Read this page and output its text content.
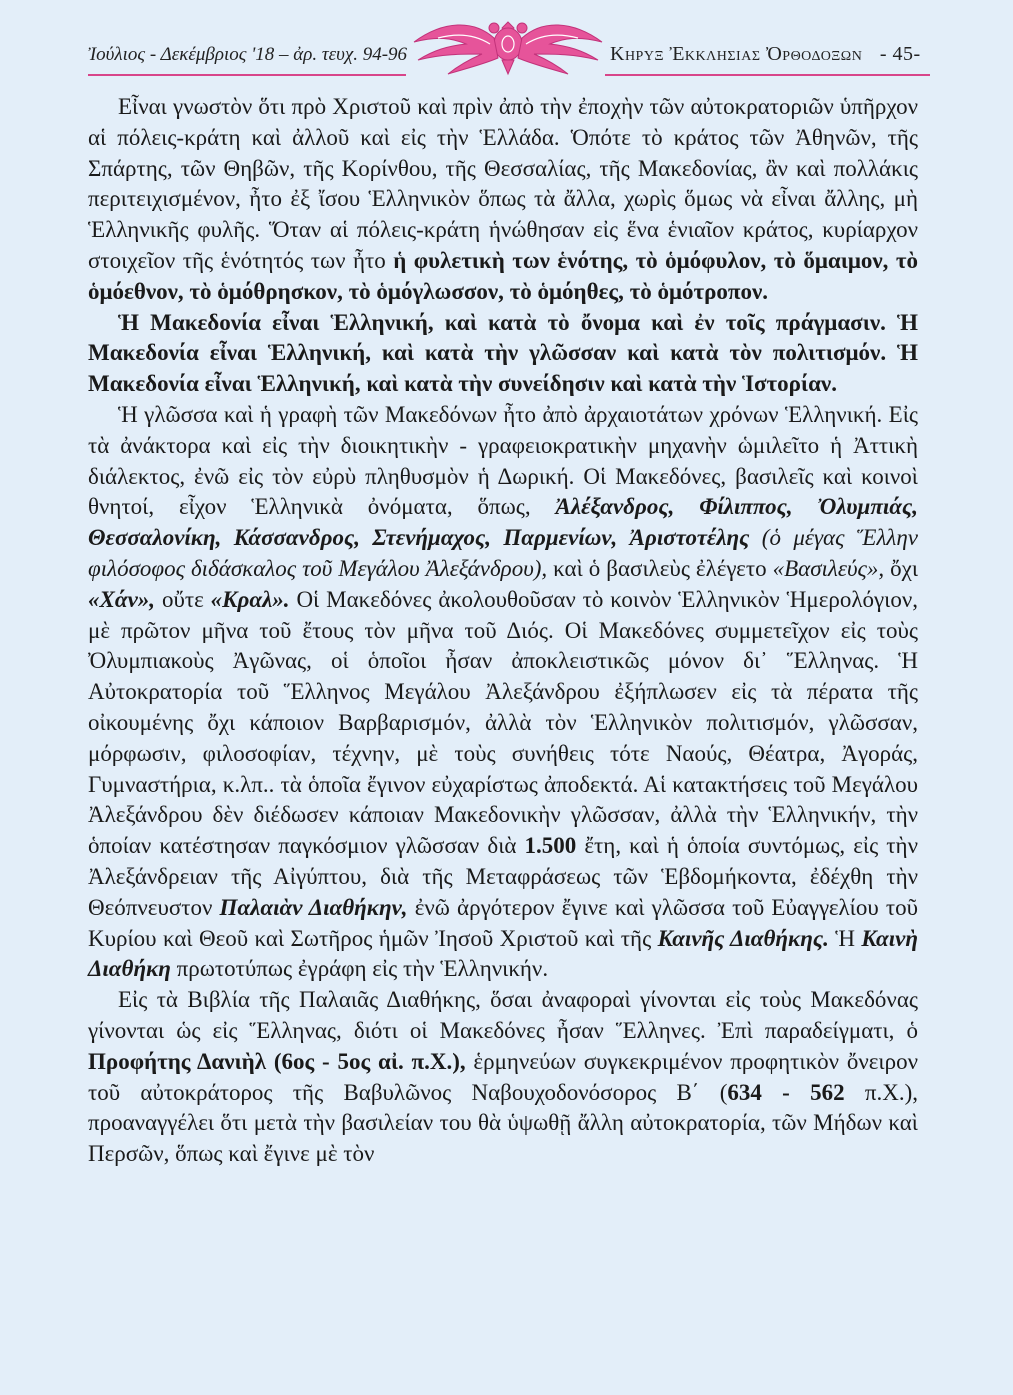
Ἰούλιος - Δεκέμβριος '18 – ἀρ. τευχ. 94-96	Κηρυξ Ἐκκλησιας Ὀρθοδοξων - 45-

Εἶναι γνωστὸν ὅτι πρὸ Χριστοῦ καὶ πρὶν ἀπὸ τὴν ἐποχὴν τῶν αὐτοκρατοριῶν ὑπῆρχον αἱ πόλεις-κράτη καὶ ἀλλοῦ καὶ εἰς τὴν Ἑλλάδα. Ὁπότε τὸ κράτος τῶν Ἀθηνῶν, τῆς Σπάρτης, τῶν Θηβῶν, τῆς Κορίνθου, τῆς Θεσσαλίας, τῆς Μακεδονίας, ἂν καὶ πολλάκις περιτειχισμένον, ἦτο ἐξ ἴσου Ἑλληνικὸν ὅπως τὰ ἄλλα, χωρὶς ὅμως νὰ εἶναι ἄλλης, μὴ Ἑλληνικῆς φυλῆς. Ὅταν αἱ πόλεις-κράτη ἡνώθησαν εἰς ἕνα ἑνιαῖον κράτος, κυρίαρχον στοιχεῖον τῆς ἑνότητός των ἦτο ἡ φυλετικὴ των ἑνότης, τὸ ὁμόφυλον, τὸ ὅμαιμον, τὸ ὁμόεθνον, τὸ ὁμόθρησκον, τὸ ὁμόγλωσσον, τὸ ὁμόηθες, τὸ ὁμότροπον.

Ἡ Μακεδονία εἶναι Ἑλληνική, καὶ κατὰ τὸ ὄνομα καὶ ἐν τοῖς πράγμασιν. Ἡ Μακεδονία εἶναι Ἑλληνική, καὶ κατὰ τὴν γλῶσσαν καὶ κατὰ τὸν πολιτισμόν. Ἡ Μακεδονία εἶναι Ἑλληνική, καὶ κατὰ τὴν συνείδησιν καὶ κατὰ τὴν Ἱστορίαν.

Ἡ γλῶσσα καὶ ἡ γραφὴ τῶν Μακεδόνων ἦτο ἀπὸ ἀρχαιοτάτων χρόνων Ἑλληνική. Εἰς τὰ ἀνάκτορα καὶ εἰς τὴν διοικητικὴν - γραφειοκρατικὴν μηχανὴν ὡμιλεῖτο ἡ Ἀττικὴ διάλεκτος, ἐνῶ εἰς τὸν εὐρὺ πληθυσμὸν ἡ Δωρική. Οἱ Μακεδόνες, βασιλεῖς καὶ κοινοὶ θνητοί, εἶχον Ἑλληνικὰ ὀνόματα, ὅπως, Ἀλέξανδρος, Φίλιππος, Ὀλυμπιάς, Θεσσαλονίκη, Κάσσανδρος, Στενήμαχος, Παρμενίων, Ἀριστοτέλης (ὁ μέγας Ἕλλην φιλόσοφος διδάσκαλος τοῦ Μεγάλου Ἀλεξάνδρου), καὶ ὁ βασιλεὺς ἐλέγετο «Βασιλεύς», ὄχι «Χάν», οὔτε «Κραλ». Οἱ Μακεδόνες ἀκολουθοῦσαν τὸ κοινὸν Ἑλληνικὸν Ἡμερολόγιον, μὲ πρῶτον μῆνα τοῦ ἔτους τὸν μῆνα τοῦ Διός. Οἱ Μακεδόνες συμμετεῖχον εἰς τοὺς Ὀλυμπιακοὺς Ἀγῶνας, οἱ ὁποῖοι ἦσαν ἀποκλειστικῶς μόνον δι᾿ Ἕλληνας. Ἡ Αὐτοκρατορία τοῦ Ἕλληνος Μεγάλου Ἀλεξάνδρου ἐξήπλωσεν εἰς τὰ πέρατα τῆς οἰκουμένης ὄχι κάποιον Βαρβαρισμόν, ἀλλὰ τὸν Ἑλληνικὸν πολιτισμόν, γλῶσσαν, μόρφωσιν, φιλοσοφίαν, τέχνην, μὲ τοὺς συνήθεις τότε Ναούς, Θέατρα, Ἀγοράς, Γυμναστήρια, κ.λπ.. τὰ ὁποῖα ἔγινον εὐχαρίστως ἀποδεκτά. Αἱ κατακτήσεις τοῦ Μεγάλου Ἀλεξάνδρου δὲν διέδωσεν κάποιαν Μακεδονικὴν γλῶσσαν, ἀλλὰ τὴν Ἑλληνικήν, τὴν ὁποίαν κατέστησαν παγκόσμιον γλῶσσαν διὰ 1.500 ἔτη, καὶ ἡ ὁποία συντόμως, εἰς τὴν Ἀλεξάνδρειαν τῆς Αἰγύπτου, διὰ τῆς Μεταφράσεως τῶν Ἑβδομήκοντα, ἐδέχθη τὴν Θεόπνευστον Παλαιὰν Διαθήκην, ἐνῶ ἀργότερον ἔγινε καὶ γλῶσσα τοῦ Εὐαγγελίου τοῦ Κυρίου καὶ Θεοῦ καὶ Σωτῆρος ἡμῶν Ἰησοῦ Χριστοῦ καὶ τῆς Καινῆς Διαθήκης. Ἡ Καινὴ Διαθήκη πρωτοτύπως ἐγράφη εἰς τὴν Ἑλληνικήν.

Εἰς τὰ Βιβλία τῆς Παλαιᾶς Διαθήκης, ὅσαι ἀναφοραὶ γίνονται εἰς τοὺς Μακεδόνας γίνονται ὡς εἰς Ἕλληνας, διότι οἱ Μακεδόνες ἦσαν Ἕλληνες. Ἐπὶ παραδείγματι, ὁ Προφήτης Δανιὴλ (6ος - 5ος αἰ. π.Χ.), ἑρμηνεύων συγκεκριμένον προφητικὸν ὄνειρον τοῦ αὐτοκράτορος τῆς Βαβυλῶνος Ναβουχοδονόσορος Β΄ (634 - 562 π.Χ.), προαναγγέλει ὅτι μετὰ τὴν βασιλείαν του θὰ ὑψωθῇ ἄλλη αὐτοκρατορία, τῶν Μήδων καὶ Περσῶν, ὅπως καὶ ἔγινε μὲ τὸν
